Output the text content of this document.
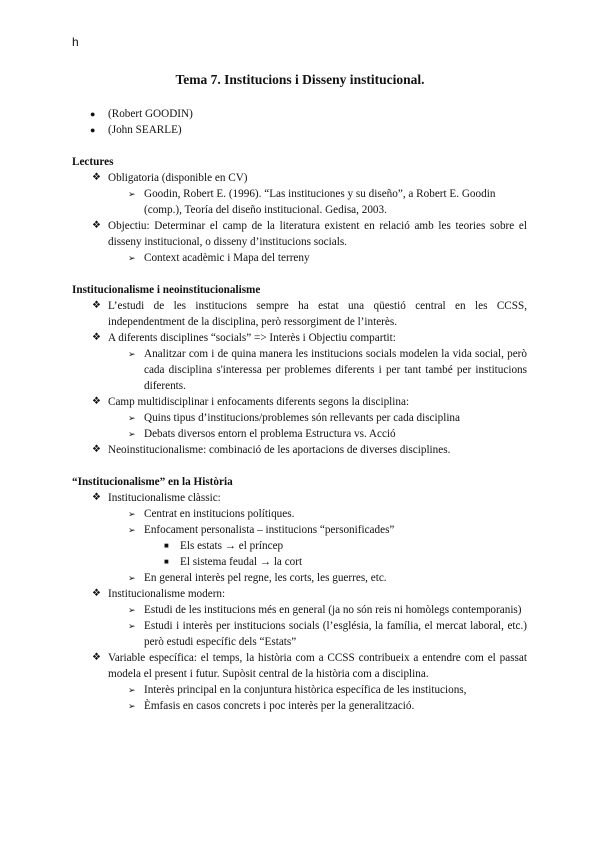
h
Tema 7. Institucions i Disseny institucional.
● (Robert GOODIN)
● (John SEARLE)
Lectures
❖ Obligatoria (disponible en CV)
➢ Goodin, Robert E. (1996). “Las instituciones y su diseño”, a Robert E. Goodin (comp.), Teoría del diseño institucional. Gedisa, 2003.
❖ Objectiu: Determinar el camp de la literatura existent en relació amb les teories sobre el disseny institucional, o disseny d’institucions socials.
➢ Context acadèmic i Mapa del terreny
Institucionalisme i neoinstitucionalisme
❖ L’estudi de les institucions sempre ha estat una qüestió central en les CCSS, independentment de la disciplina, però ressorgiment de l’interès.
❖ A diferents disciplines “socials” => Interès i Objectiu compartit:
➢ Analitzar com i de quina manera les institucions socials modelen la vida social, però cada disciplina s'interessa per problemes diferents i per tant també per institucions diferents.
❖ Camp multidisciplinar i enfocaments diferents segons la disciplina:
➢ Quins tipus d’institucions/problemes són rellevants per cada disciplina
➢ Debats diversos entorn el problema Estructura vs. Acció
❖ Neoinstitucionalisme: combinació de les aportacions de diverses disciplines.
“Institucionalisme” en la Història
❖ Institucionalisme clàssic:
➢ Centrat en institucions polítiques.
➢ Enfocament personalista – institucions “personificades”
■ Els estats → el príncep
■ El sistema feudal → la cort
➢ En general interès pel regne, les corts, les guerres, etc.
❖ Institucionalisme modern:
➢ Estudi de les institucions més en general (ja no són reis ni homòlegs contemporanis)
➢ Estudi i interès per institucions socials (l’església, la família, el mercat laboral, etc.) però estudi específic dels “Estats”
❖ Variable específica: el temps, la història com a CCSS contribueix a entendre com el passat modela el present i futur. Supòsit central de la història com a disciplina.
➢ Interès principal en la conjuntura històrica específica de les institucions,
➢ Èmfasis en casos concrets i poc interès per la generalització.
